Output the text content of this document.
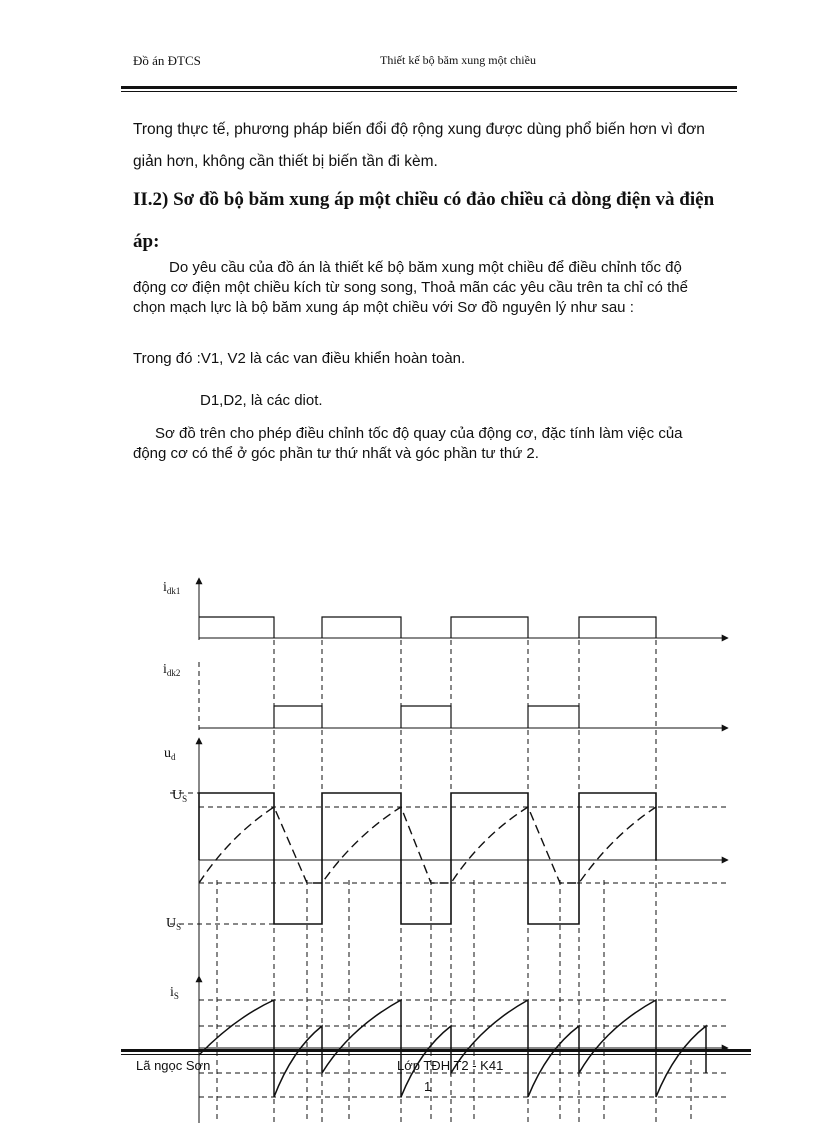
Đồ án ĐTCS	Thiết kế bộ băm xung một chiều
Trong thực tế, phương pháp biến đổi độ rộng xung được dùng phổ biến hơn vì đơn giản hơn, không cần thiết bị biến tần đi kèm.
II.2) Sơ đồ bộ băm xung áp một chiều có đảo chiều cả dòng điện và điện áp:
Do yêu cầu của đồ án là thiết kế bộ băm xung một chiều để điều chỉnh tốc độ động cơ điện một chiều kích từ song song, Thoả mãn các yêu cầu trên ta chỉ có thể chọn mạch lực là bộ băm xung áp một chiều với Sơ đồ nguyên lý như sau :
Trong đó :V1, V2 là các van điều khiển hoàn toàn.
D1,D2, là các diot.
Sơ đồ trên cho phép điều chỉnh tốc độ quay của động cơ, đặc tính làm việc của động cơ có thể ở góc phần tư thứ nhất và góc phần tư thứ 2.
$i_{dk1}$
$i_{dk2}$
$u_d$
$U_S$
$U_S$
$i_S$
Lã ngọc Sơn	Lớp TĐH T2 - K41
1
